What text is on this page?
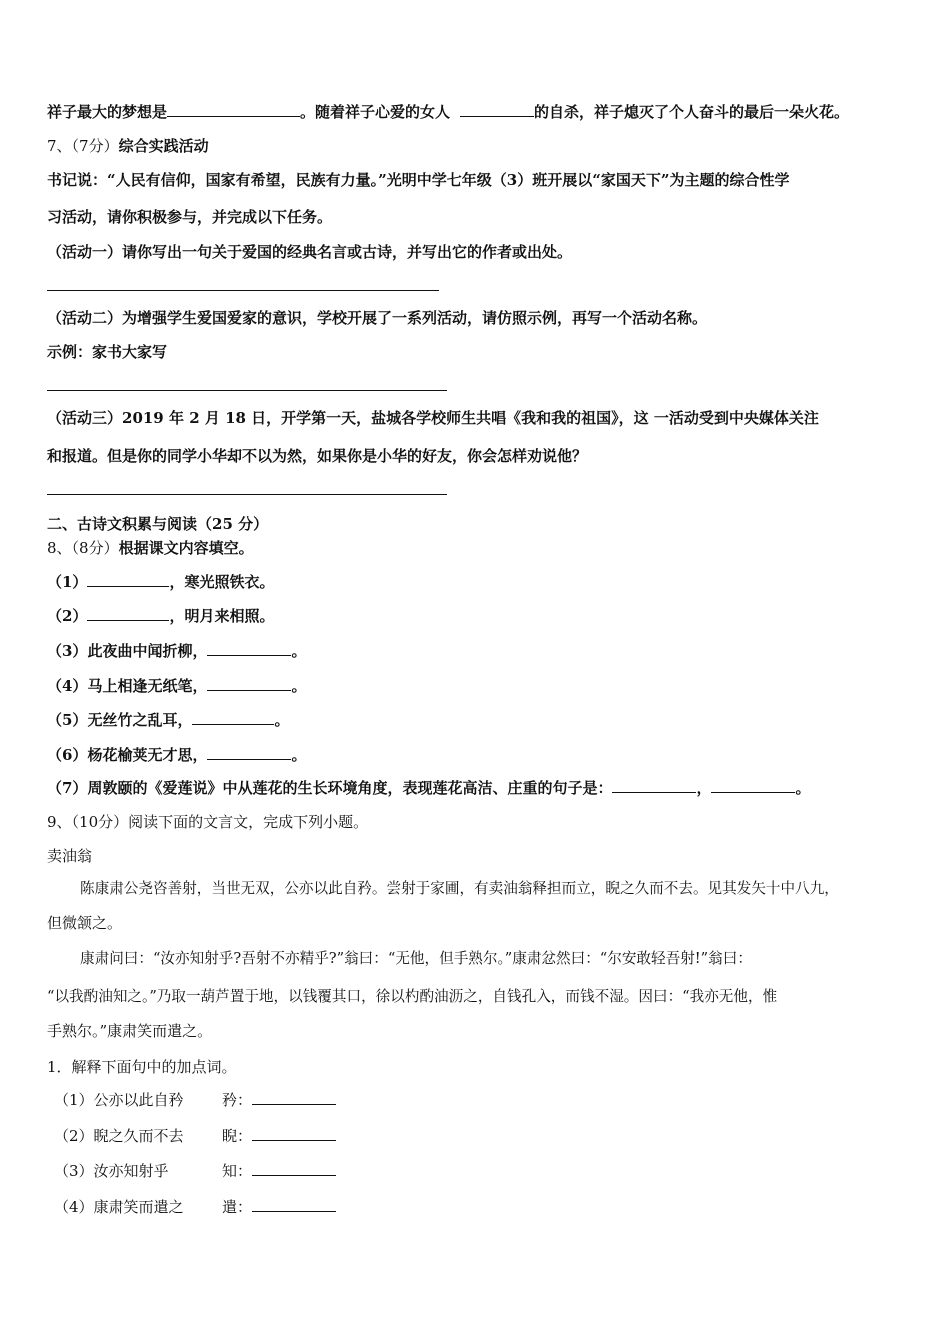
祥子最大的梦想是	。随着祥子心爱的女人	的自杀，祥子熄灭了个人奋斗的最后一朵火花。
7、（7分）综合实践活动
书记说：“人民有信仰，国家有希望，民族有力量。”光明中学七年级（3）班开展以“家国天下”为主题的综合性学
习活动，请你积极参与，并完成以下任务。
（活动一）请你写出一句关于爱国的经典名言或古诗，并写出它的作者或出处。
（活动二）为增强学生爱国爱家的意识，学校开展了一系列活动，请仿照示例，再写一个活动名称。
示例：家书大家写
（活动三）2019 年 2 月 18 日，开学第一天，盐城各学校师生共唱《我和我的祖国》，这 一活动受到中央媒体关注
和报道。但是你的同学小华却不以为然，如果你是小华的好友，你会怎样劝说他？
二、古诗文积累与阅读（25 分）
8、（8分）根据课文内容填空。
（1）	，寒光照铁衣。
（2）	，明月来相照。
（3）此夜曲中闻折柳，	。
（4）马上相逢无纸笔，	。
（5）无丝竹之乱耳，	。
（6）杨花榆荚无才思，	。
（7）周敦颐的《爱莲说》中从莲花的生长环境角度，表现莲花高洁、庄重的句子是：	，	。
9、（10分）阅读下面的文言文，完成下列小题。
卖油翁
陈康肃公尧咨善射，当世无双，公亦以此自矜。尝射于家圃，有卖油翁释担而立，睨之久而不去。见其发矢十中八九，
但微颔之。
康肃问曰：“汝亦知射乎?吾射不亦精乎?”翁曰：“无他，但手熟尔。”康肃忿然曰：“尔安敢轻吾射!”翁曰：
“以我酌油知之。”乃取一葫芦置于地，以钱覆其口，徐以杓酌油沥之，自钱孔入，而钱不湿。因曰：“我亦无他，惟
手熟尔。”康肃笑而遣之。
1．解释下面句中的加点词。
（1）公亦以此自矜	矜：
（2）睨之久而不去	睨：
（3）汝亦知射乎	知：
（4）康肃笑而遣之	遣：
